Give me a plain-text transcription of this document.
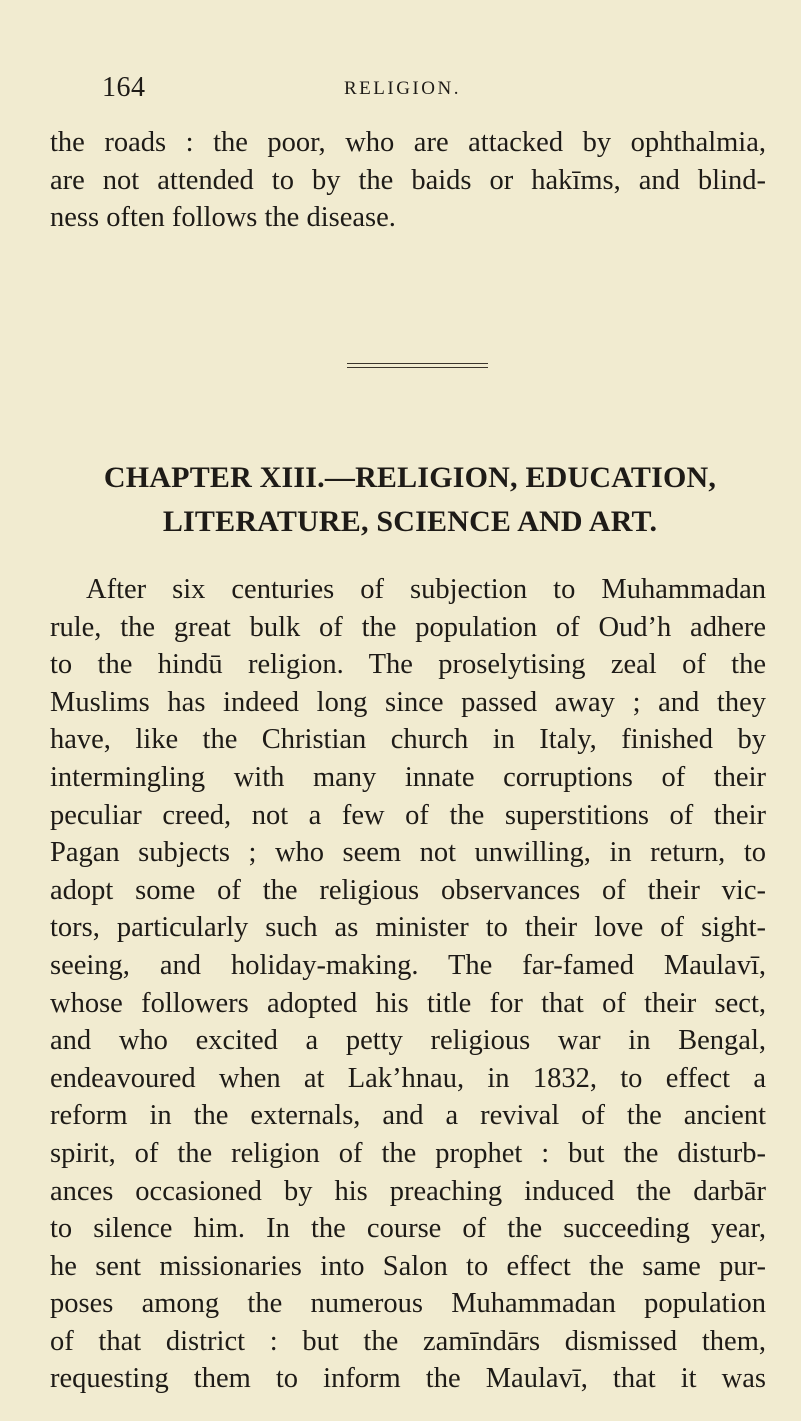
164	RELIGION.
the roads : the poor, who are attacked by ophthalmia,
are not attended to by the baids or hakīms, and blind-
ness often follows the disease.
CHAPTER XIII.—RELIGION, EDUCATION,
LITERATURE, SCIENCE AND ART.
After six centuries of subjection to Muhammadan
rule, the great bulk of the population of Oud’h adhere
to the hindū religion. The proselytising zeal of the
Muslims has indeed long since passed away ; and they
have, like the Christian church in Italy, finished by
intermingling with many innate corruptions of their
peculiar creed, not a few of the superstitions of their
Pagan subjects ; who seem not unwilling, in return, to
adopt some of the religious observances of their vic-
tors, particularly such as minister to their love of sight-
seeing, and holiday-making. The far-famed Maulavī,
whose followers adopted his title for that of their sect,
and who excited a petty religious war in Bengal,
endeavoured when at Lak’hnau, in 1832, to effect a
reform in the externals, and a revival of the ancient
spirit, of the religion of the prophet : but the disturb-
ances occasioned by his preaching induced the darbār
to silence him. In the course of the succeeding year,
he sent missionaries into Salon to effect the same pur-
poses among the numerous Muhammadan population
of that district : but the zamīndārs dismissed them,
requesting them to inform the Maulavī, that it was
